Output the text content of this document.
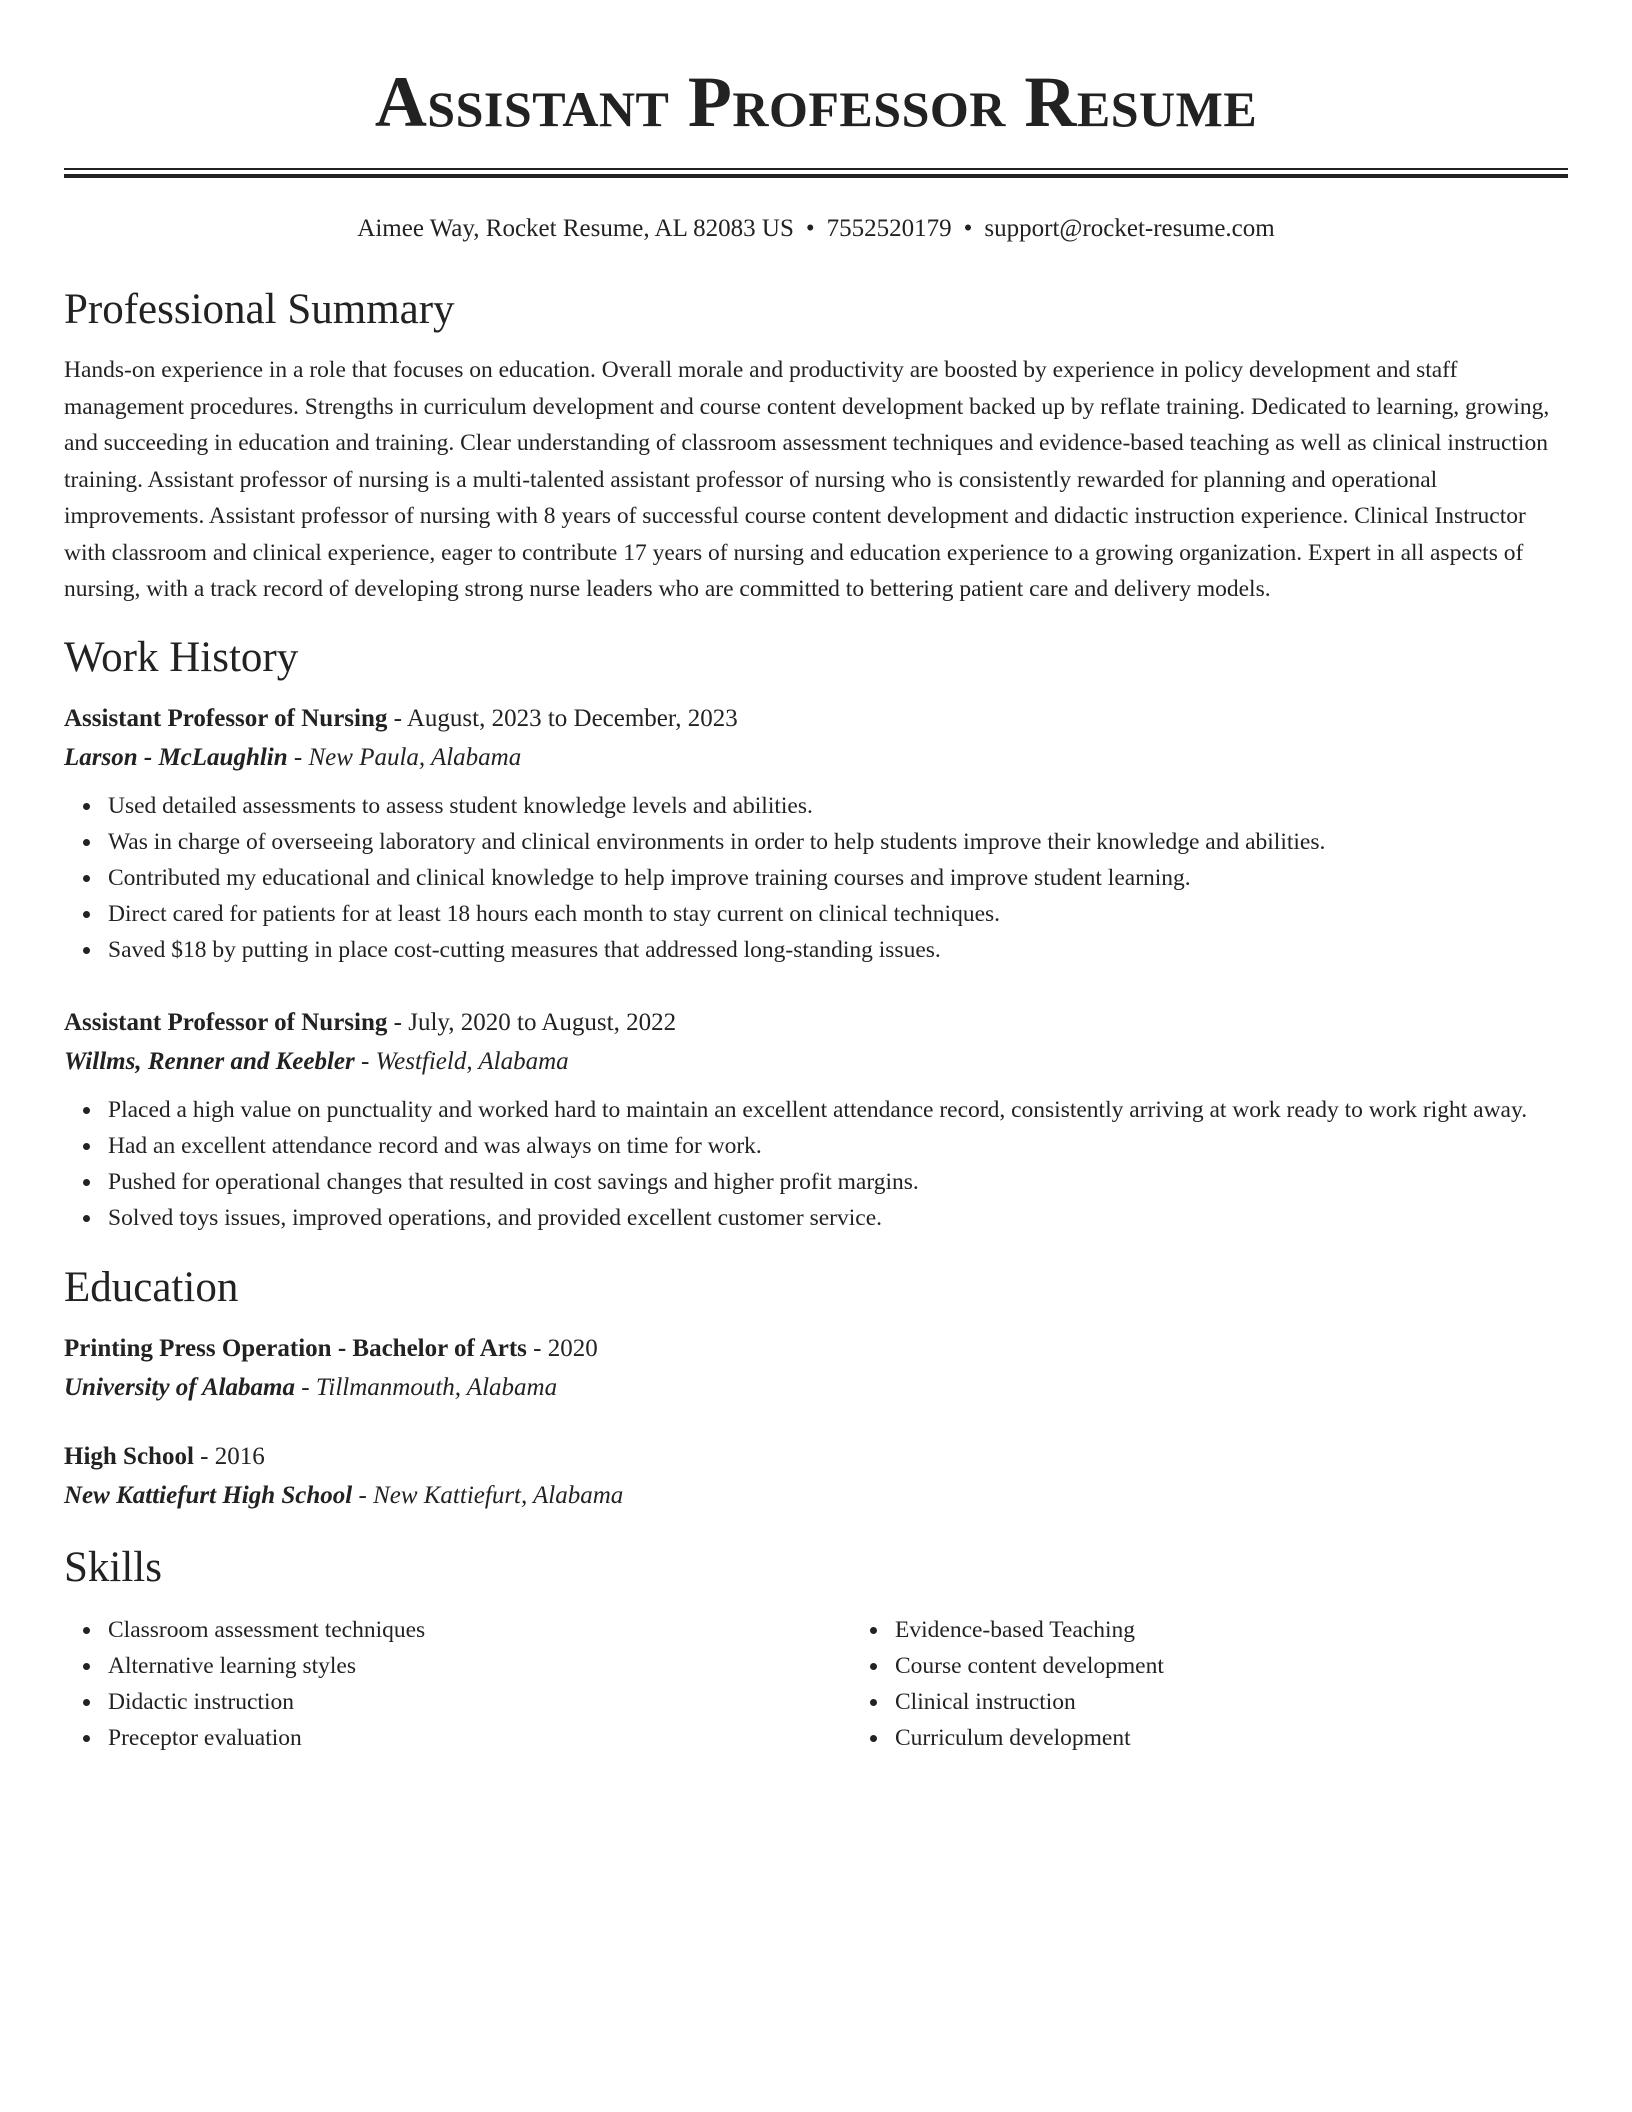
Assistant Professor Resume
Aimee Way, Rocket Resume, AL 82083 US • 7552520179 • support@rocket-resume.com
Professional Summary

Hands-on experience in a role that focuses on education. Overall morale and productivity are boosted by experience in policy development and staff management procedures. Strengths in curriculum development and course content development backed up by reflate training. Dedicated to learning, growing, and succeeding in education and training. Clear understanding of classroom assessment techniques and evidence-based teaching as well as clinical instruction training. Assistant professor of nursing is a multi-talented assistant professor of nursing who is consistently rewarded for planning and operational improvements. Assistant professor of nursing with 8 years of successful course content development and didactic instruction experience. Clinical Instructor with classroom and clinical experience, eager to contribute 17 years of nursing and education experience to a growing organization. Expert in all aspects of nursing, with a track record of developing strong nurse leaders who are committed to bettering patient care and delivery models.

Work History
Assistant Professor of Nursing - August, 2023 to December, 2023
Larson - McLaughlin - New Paula, Alabama
Used detailed assessments to assess student knowledge levels and abilities.
Was in charge of overseeing laboratory and clinical environments in order to help students improve their knowledge and abilities.
Contributed my educational and clinical knowledge to help improve training courses and improve student learning.
Direct cared for patients for at least 18 hours each month to stay current on clinical techniques.
Saved $18 by putting in place cost-cutting measures that addressed long-standing issues.
Assistant Professor of Nursing - July, 2020 to August, 2022
Willms, Renner and Keebler - Westfield, Alabama
Placed a high value on punctuality and worked hard to maintain an excellent attendance record, consistently arriving at work ready to work right away.
Had an excellent attendance record and was always on time for work.
Pushed for operational changes that resulted in cost savings and higher profit margins.
Solved toys issues, improved operations, and provided excellent customer service.
Education
Printing Press Operation - Bachelor of Arts - 2020
University of Alabama - Tillmanmouth, Alabama
High School - 2016
New Kattiefurt High School - New Kattiefurt, Alabama
Skills
Classroom assessment techniques
Alternative learning styles
Didactic instruction
Preceptor evaluation
Evidence-based Teaching
Course content development
Clinical instruction
Curriculum development
